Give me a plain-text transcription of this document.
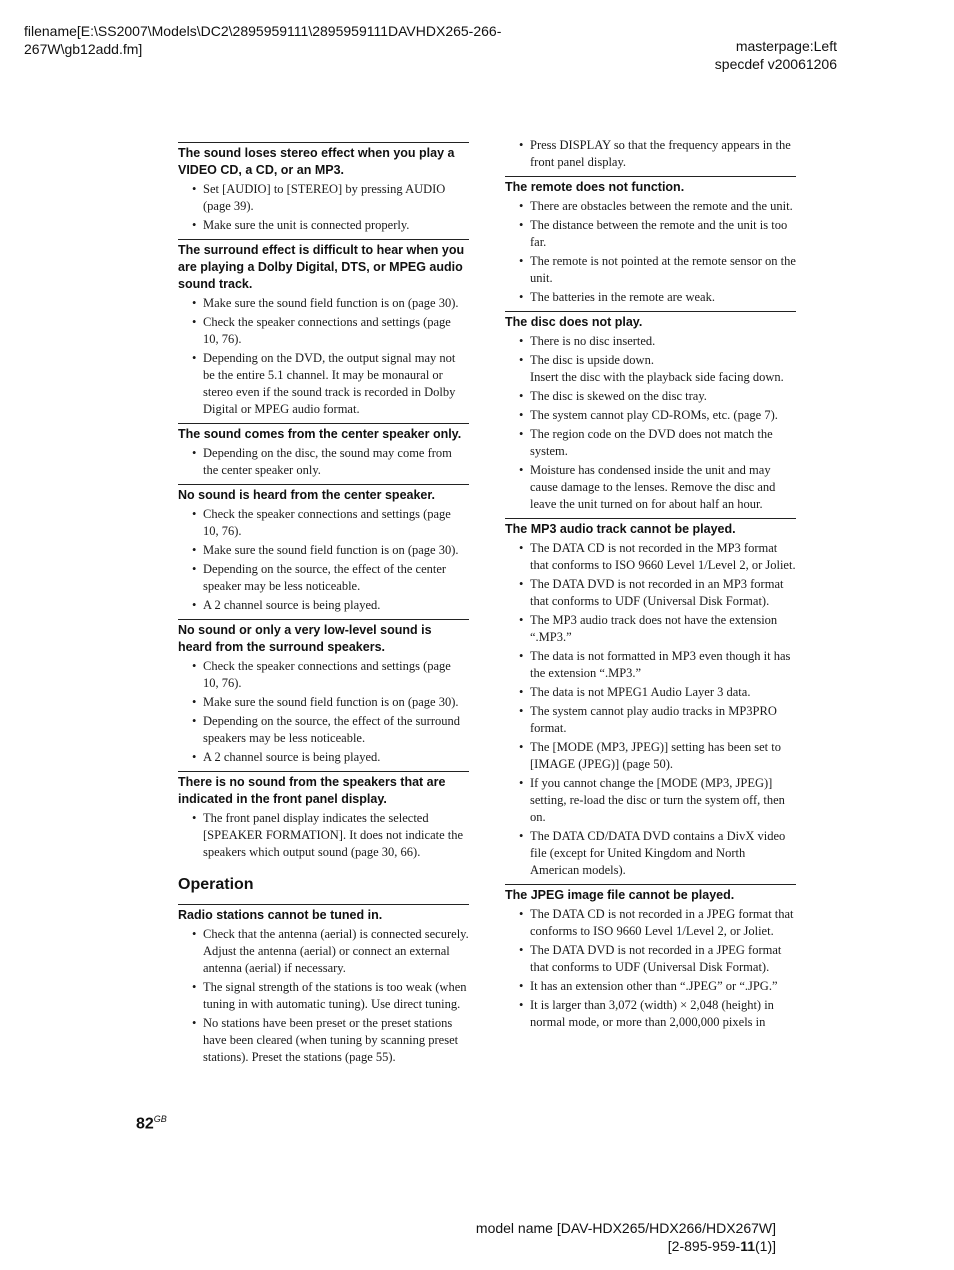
filename[E:\SS2007\Models\DC2\2895959111\2895959111DAVHDX265-266-
267W\gb12add.fm]	masterpage:Left
specdef v20061206
The sound loses stereo effect when you play a VIDEO CD, a CD, or an MP3.
• Set [AUDIO] to [STEREO] by pressing AUDIO (page 39).
• Make sure the unit is connected properly.
The surround effect is difficult to hear when you are playing a Dolby Digital, DTS, or MPEG audio sound track.
• Make sure the sound field function is on (page 30).
• Check the speaker connections and settings (page 10, 76).
• Depending on the DVD, the output signal may not be the entire 5.1 channel. It may be monaural or stereo even if the sound track is recorded in Dolby Digital or MPEG audio format.
The sound comes from the center speaker only.
• Depending on the disc, the sound may come from the center speaker only.
No sound is heard from the center speaker.
• Check the speaker connections and settings (page 10, 76).
• Make sure the sound field function is on (page 30).
• Depending on the source, the effect of the center speaker may be less noticeable.
• A 2 channel source is being played.
No sound or only a very low-level sound is heard from the surround speakers.
• Check the speaker connections and settings (page 10, 76).
• Make sure the sound field function is on (page 30).
• Depending on the source, the effect of the surround speakers may be less noticeable.
• A 2 channel source is being played.
There is no sound from the speakers that are indicated in the front panel display.
• The front panel display indicates the selected [SPEAKER FORMATION]. It does not indicate the speakers which output sound (page 30, 66).
Operation
Radio stations cannot be tuned in.
• Check that the antenna (aerial) is connected securely. Adjust the antenna (aerial) or connect an external antenna (aerial) if necessary.
• The signal strength of the stations is too weak (when tuning in with automatic tuning). Use direct tuning.
• No stations have been preset or the preset stations have been cleared (when tuning by scanning preset stations). Preset the stations (page 55).
• Press DISPLAY so that the frequency appears in the front panel display.
The remote does not function.
• There are obstacles between the remote and the unit.
• The distance between the remote and the unit is too far.
• The remote is not pointed at the remote sensor on the unit.
• The batteries in the remote are weak.
The disc does not play.
• There is no disc inserted.
• The disc is upside down.
Insert the disc with the playback side facing down.
• The disc is skewed on the disc tray.
• The system cannot play CD-ROMs, etc. (page 7).
• The region code on the DVD does not match the system.
• Moisture has condensed inside the unit and may cause damage to the lenses. Remove the disc and leave the unit turned on for about half an hour.
The MP3 audio track cannot be played.
• The DATA CD is not recorded in the MP3 format that conforms to ISO 9660 Level 1/Level 2, or Joliet.
• The DATA DVD is not recorded in an MP3 format that conforms to UDF (Universal Disk Format).
• The MP3 audio track does not have the extension “.MP3.”
• The data is not formatted in MP3 even though it has the extension “.MP3.”
• The data is not MPEG1 Audio Layer 3 data.
• The system cannot play audio tracks in MP3PRO format.
• The [MODE (MP3, JPEG)] setting has been set to [IMAGE (JPEG)] (page 50).
• If you cannot change the [MODE (MP3, JPEG)] setting, re-load the disc or turn the system off, then on.
• The DATA CD/DATA DVD contains a DivX video file (except for United Kingdom and North American models).
The JPEG image file cannot be played.
• The DATA CD is not recorded in a JPEG format that conforms to ISO 9660 Level 1/Level 2, or Joliet.
• The DATA DVD is not recorded in a JPEG format that conforms to UDF (Universal Disk Format).
• It has an extension other than “.JPEG” or “.JPG.”
• It is larger than 3,072 (width) × 2,048 (height) in normal mode, or more than 2,000,000 pixels in
$82^{GB}$
model name [DAV-HDX265/HDX266/HDX267W]
[2-895-959-11(1)]
